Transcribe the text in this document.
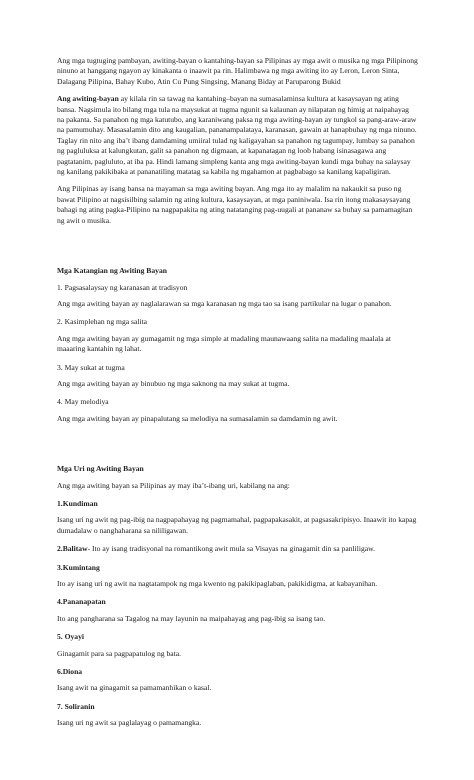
Ang mga tugtuging pambayan, awiting-bayan o kantahing-bayan sa Pilipinas ay mga awit o musika ng mga Pilipinong ninuno at hanggang ngayon ay kinakanta o inaawit pa rin. Halimbawa ng mga awiting ito ay Leron, Leron Sinta, Dalagang Pilipina, Bahay Kubo, Atin Cu Pung Singsing, Manang Biday at Paruparong Bukid

Ang awiting-bayan ay kilala rin sa tawag na kantahing–bayan na sumasalaminsa kultura at kasaysayan ng ating bansa. Nagsimula ito bilang mga tula na maysukat at tugma ngunit sa kalaunan ay nilapatan ng himig at naipahayag na pakanta. Sa panahon ng mga katutubo, ang karaniwang paksa ng mga awiting-bayan ay tungkol sa pang-araw-araw na pamumuhay. Masasalamin dito ang kaugalian, pananampalataya, karanasan, gawain at hanapbuhay ng mga ninuno. Taglay rin nito ang iba’t ibang damdaming umiiral tulad ng kaligayahan sa panahon ng tagumpay, lumbay sa panahon ng pagluluksa at kalungkutan, galit sa panahon ng digmaan, at kapanatagan ng loob habang isinasagawa ang pagtatanim, pagluluto, at iba pa. Hindi lamang simpleng kanta ang mga awiting-bayan kundi mga buhay na salaysay ng kanilang pakikibaka at pananatiling matatag sa kabila ng mgahamon at pagbabago sa kanilang kapaligiran.

Ang Pilipinas ay isang bansa na mayaman sa mga awiting bayan. Ang mga ito ay malalim na nakaukit sa puso ng bawat Pilipino at nagsisilbing salamin ng ating kultura, kasaysayan, at mga paniniwala. Isa rin itong makasaysayang bahagi ng ating pagka-Pilipino na nagpapakita ng ating natatanging pag-uugali at pananaw sa buhay sa pamamagitan ng awit o musika.

Mga Katangian ng Awiting Bayan
1. Pagsasalaysay ng karanasan at tradisyon
Ang mga awiting bayan ay naglalarawan sa mga karanasan ng mga tao sa isang partikular na lugar o panahon.
2. Kasimplehan ng mga salita
Ang mga awiting bayan ay gumagamit ng mga simple at madaling maunawaang salita na madaling maalala at maaaring kantahin ng lahat.
3. May sukat at tugma
Ang mga awiting bayan ay binubuo ng mga saknong na may sukat at tugma.
4. May melodiya
Ang mga awiting bayan ay pinapalutang sa melodiya na sumasalamin sa damdamin ng awit.
Mga Uri ng Awiting Bayan
Ang mga awiting bayan sa Pilipinas ay may iba’t-ibang uri, kabilang na ang:
1.Kundiman
Isang uri ng awit ng pag-ibig na nagpapahayag ng pagmamahal, pagpapakasakit, at pagsasakripisyo. Inaawit ito kapag dumadalaw o nanghaharana sa nililigawan.
2.Balitaw- Ito ay isang tradisyonal na romantikong awit mula sa Visayas na ginagamit din sa panliligaw.
3.Kumintang
Ito ay isang uri ng awit na nagtatampok ng mga kwento ng pakikipaglaban, pakikidigma, at kabayanihan.
4.Pananapatan
Ito ang pangharana sa Tagalog na may layunin na maipahayag ang pag-ibig sa isang tao.
5. Oyayi
Ginagamit para sa pagpapatulog ng bata.
6.Diona
Isang awit na ginagamit sa pamamanhikan o kasal.
7. Soliranin
Isang uri ng awit sa paglalayag o pamamangka.
